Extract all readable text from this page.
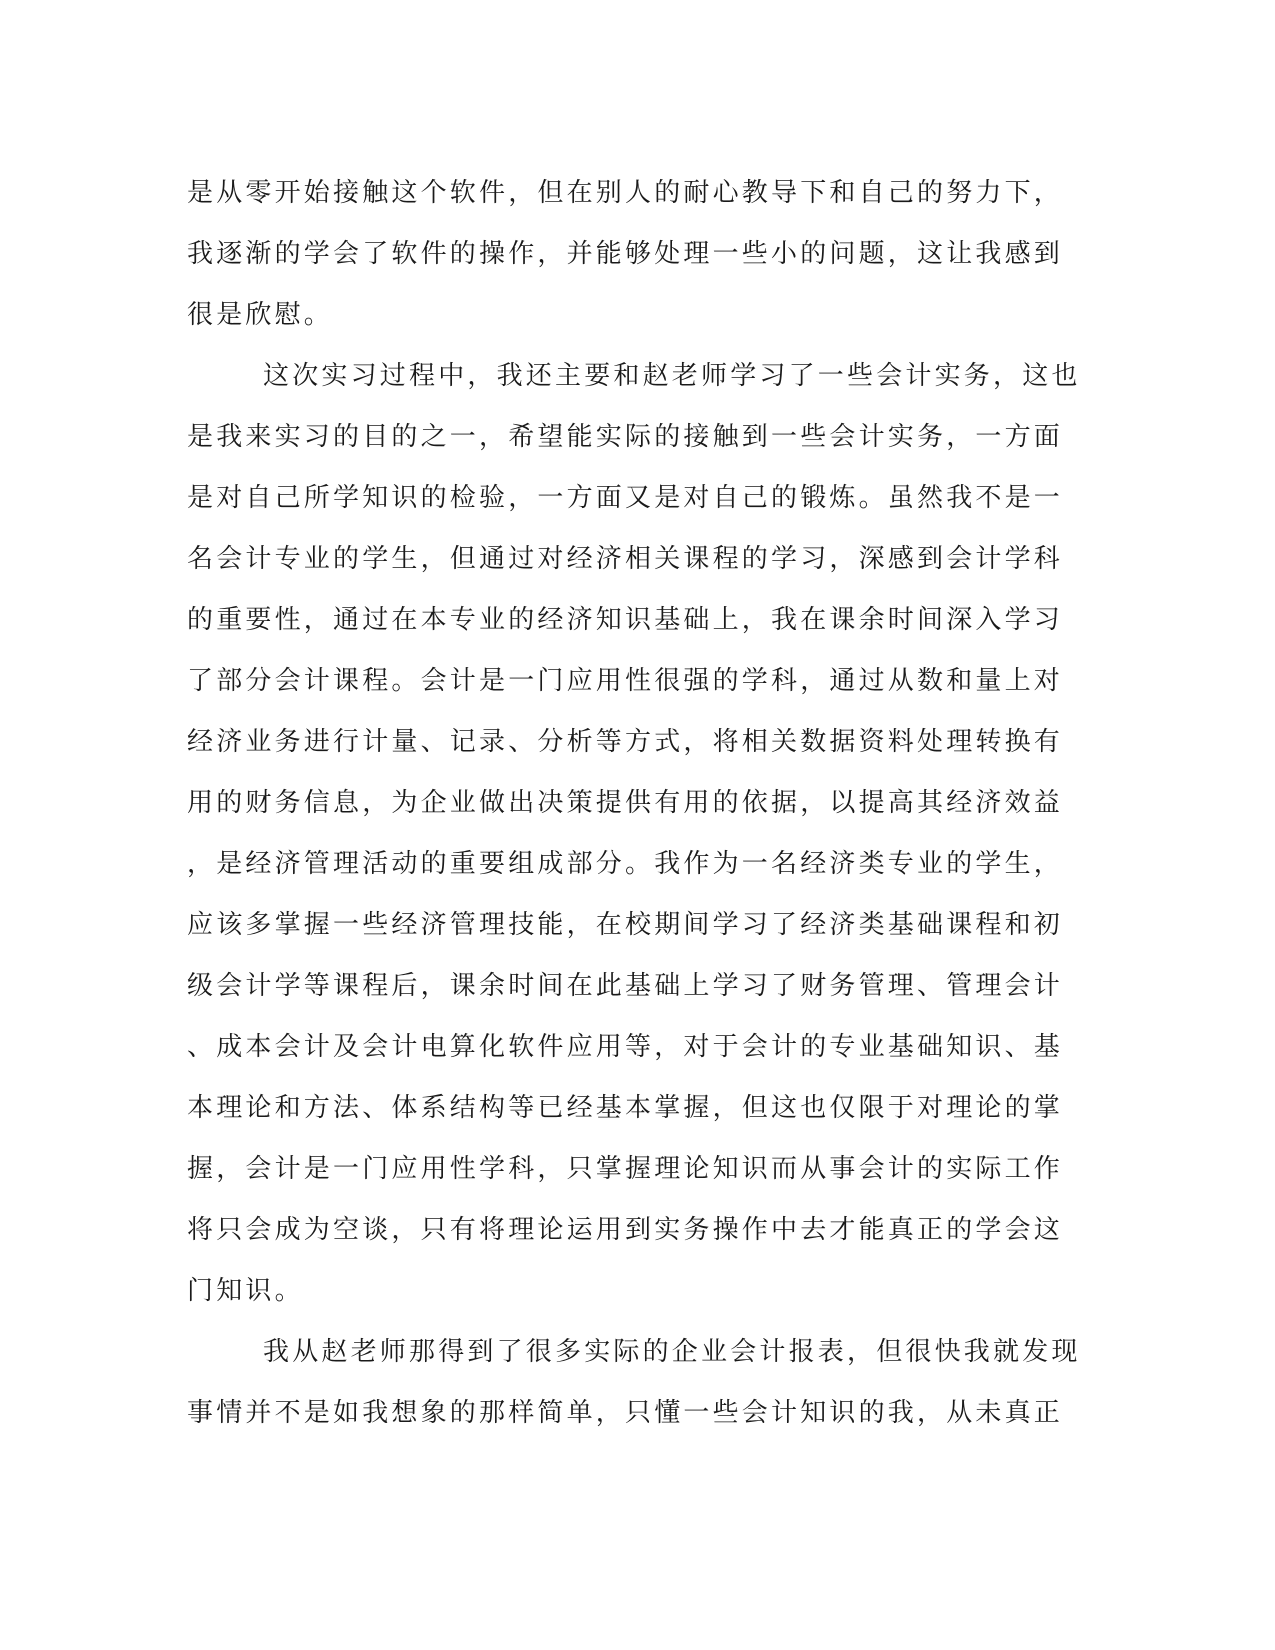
是从零开始接触这个软件，但在别人的耐心教导下和自己的努力下，
我逐渐的学会了软件的操作，并能够处理一些小的问题，这让我感到
很是欣慰。
这次实习过程中，我还主要和赵老师学习了一些会计实务，这也
是我来实习的目的之一，希望能实际的接触到一些会计实务，一方面
是对自己所学知识的检验，一方面又是对自己的锻炼。虽然我不是一
名会计专业的学生，但通过对经济相关课程的学习，深感到会计学科
的重要性，通过在本专业的经济知识基础上，我在课余时间深入学习
了部分会计课程。会计是一门应用性很强的学科，通过从数和量上对
经济业务进行计量、记录、分析等方式，将相关数据资料处理转换有
用的财务信息，为企业做出决策提供有用的依据，以提高其经济效益
，是经济管理活动的重要组成部分。我作为一名经济类专业的学生，
应该多掌握一些经济管理技能，在校期间学习了经济类基础课程和初
级会计学等课程后，课余时间在此基础上学习了财务管理、管理会计
、成本会计及会计电算化软件应用等，对于会计的专业基础知识、基
本理论和方法、体系结构等已经基本掌握，但这也仅限于对理论的掌
握，会计是一门应用性学科，只掌握理论知识而从事会计的实际工作
将只会成为空谈，只有将理论运用到实务操作中去才能真正的学会这
门知识。
我从赵老师那得到了很多实际的企业会计报表，但很快我就发现
事情并不是如我想象的那样简单，只懂一些会计知识的我，从未真正
